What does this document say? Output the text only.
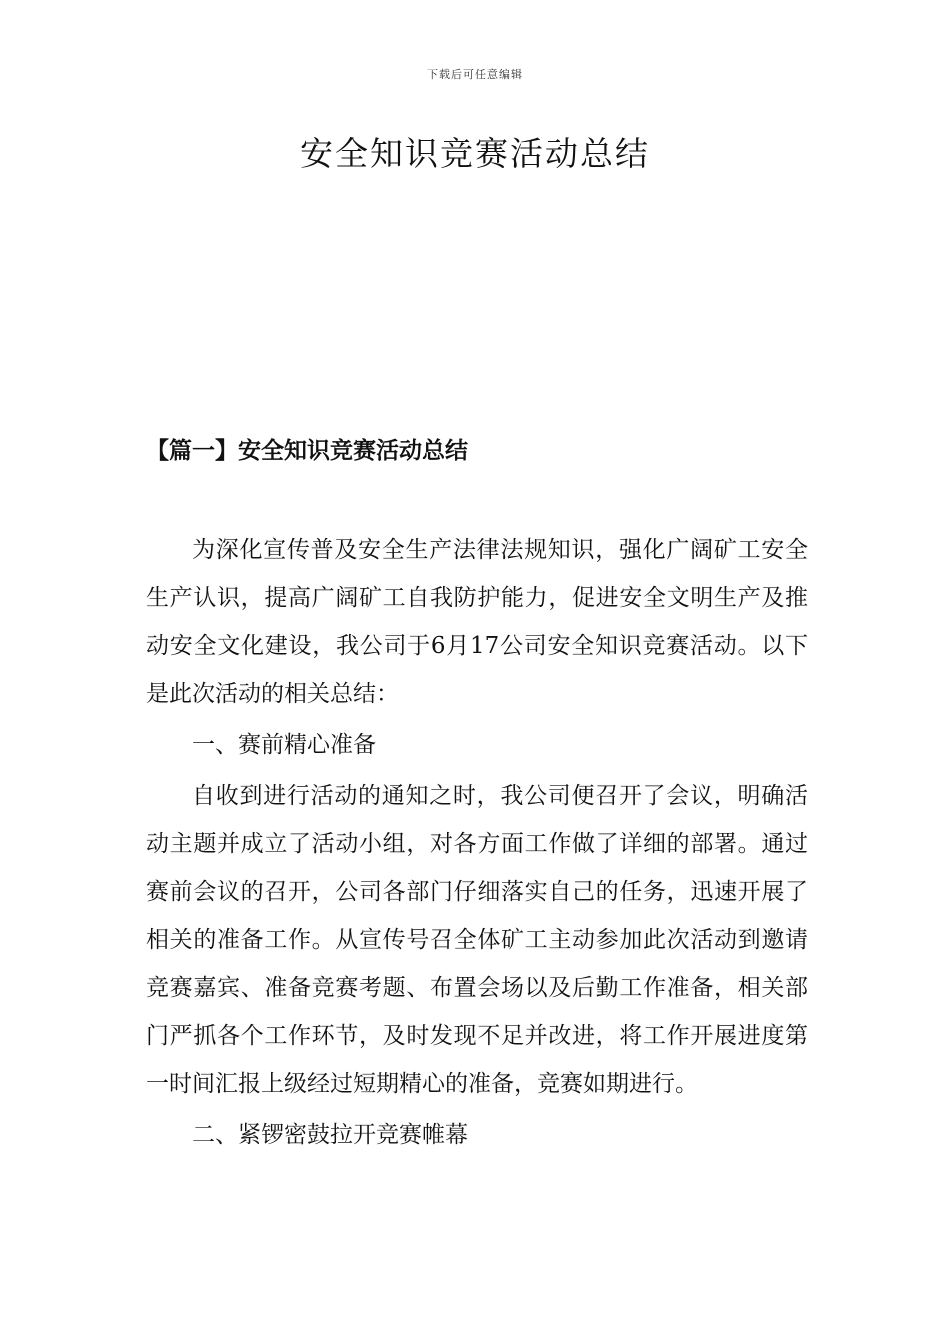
下载后可任意编辑
安全知识竞赛活动总结
【篇一】安全知识竞赛活动总结

为深化宣传普及安全生产法律法规知识，强化广阔矿工安全生产认识，提高广阔矿工自我防护能力，促进安全文明生产及推动安全文化建设，我公司于6月17公司安全知识竞赛活动。以下是此次活动的相关总结：

一、赛前精心准备

自收到进行活动的通知之时，我公司便召开了会议，明确活动主题并成立了活动小组，对各方面工作做了详细的部署。通过赛前会议的召开，公司各部门仔细落实自己的任务，迅速开展了相关的准备工作。从宣传号召全体矿工主动参加此次活动到邀请竞赛嘉宾、准备竞赛考题、布置会场以及后勤工作准备，相关部门严抓各个工作环节，及时发现不足并改进，将工作开展进度第一时间汇报上级经过短期精心的准备，竞赛如期进行。

二、紧锣密鼓拉开竞赛帷幕
